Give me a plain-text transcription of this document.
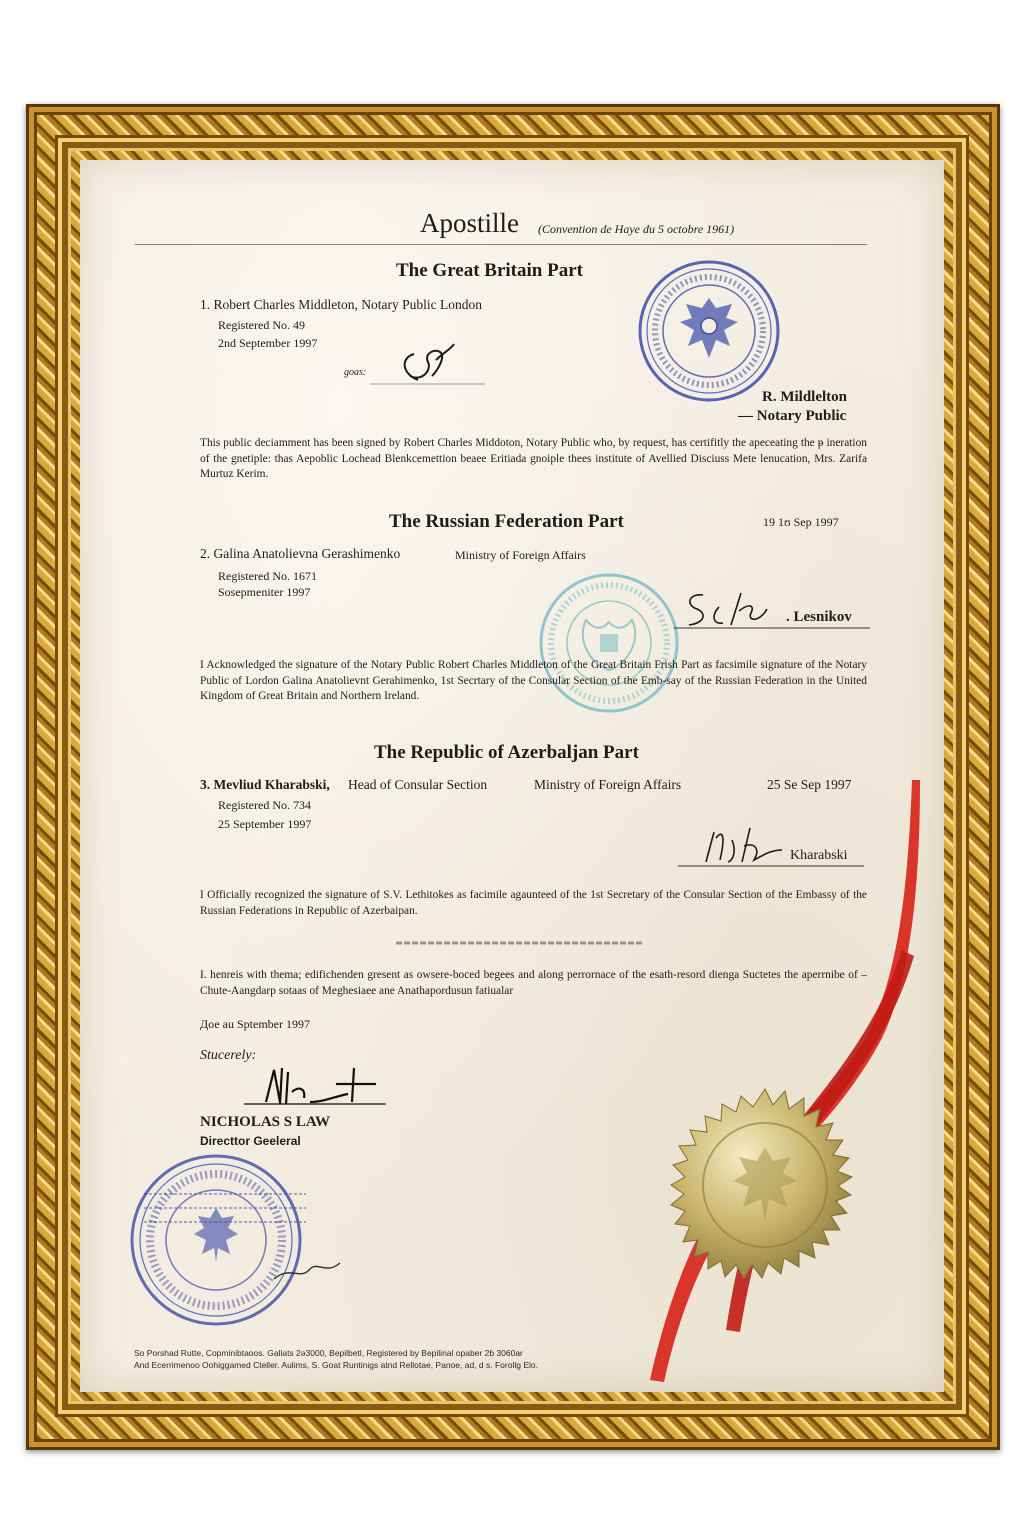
Apostille (Convention de Haye du 5 octobre 1961)
The Great Britain Part
1. Robert Charles Middleton, Notary Public London
Registered No. 49
2nd September 1997
goas:
R. Mildlelton
— Notary Public
This public deciamment has been signed by Robert Charles Middoton, Notary Public who, by request, has certifitly the apeceating the ᵽ ineration of the gnetiple: thas Aepoblic Lochead Blenkcemettion beaee Eritiada gnoiple thees institute of Avellied Disciuss Mete lenucation, Mrs. Zarifa Murtuz Kerim.
The Russian Federation Part	19 1ʊ Sep 1997
2. Galina Anatolievna Gerashimenko	Ministry of Foreign Affairs
Registered No. 1671
Sosepmeniter 1997
. Lesnikov
I Acknowledged the signature of the Notary Public Robert Charles Middleton of the Great Britain Frish Part as facsimile signature of the Notary Public of Lordon Galina Anatolievnt Gerahimenko, 1st Secrtary of the Consular Section of the Emb-say of the Russian Federation in the United Kingdom of Great Britain and Northern Ireland.
The Republic of Azerbaljan Part
3. Mevliud Kharabski, Head of Consular Section	Ministry of Foreign Affairs	25 Se Sep 1997
Registered No. 734
25 September 1997
Kharabski
I Officially recognized the signature of S.V. Lethitokes as facimile agaunteed of the 1st Secretary of the Consular Section of the Embassy of the Russian Federations in Republic of Azerbaipan.
I. henreis with thema; edifichenden gresent as owsere-boced begees and along perrornace of the esath-resord dienga Suctetes the aperrnibe of – Chute-Aangdarp sotaas of Meghesiaee ane Anathapordusun fatiualar
Дое au Sptember 1997
Stucerely:
NICHOLAS S LAW
Directtor Geeleral
So Porshad Rutte, Copminibtaoos. Gallats 2ə3000, Bepilbetl, Registered by Bepilinal opaber 2ɓ 3060ar
Аnd Ecerrimenoo Oohiggamed Cteller. Aulims, S. Goat Runtinigs atnd Rellotae, Panoe, ad, d s. Forollg Elo.
